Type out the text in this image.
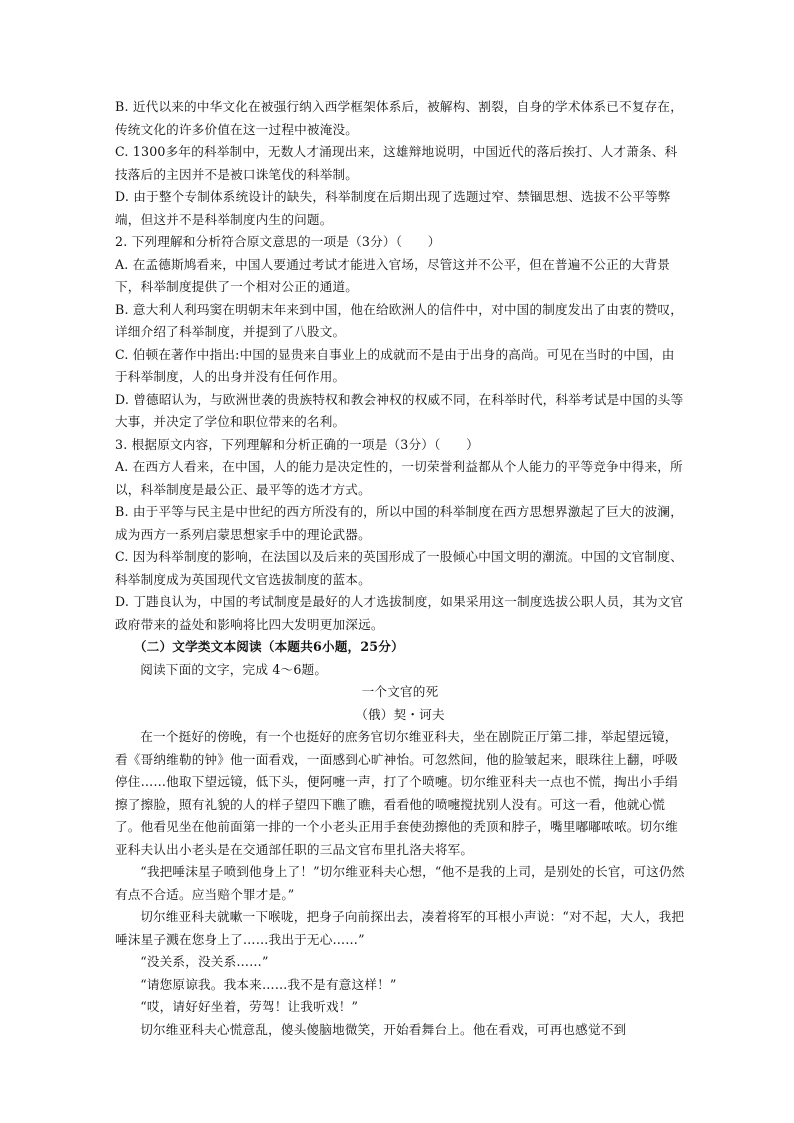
B. 近代以来的中华文化在被强行纳入西学框架体系后，被解构、割裂，自身的学术体系已不复存在，传统文化的许多价值在这一过程中被淹没。

C. 1300多年的科举制中，无数人才涌现出来，这雄辩地说明，中国近代的落后挨打、人才萧条、科技落后的主因并不是被口诛笔伐的科举制。

D. 由于整个专制体系统设计的缺失，科举制度在后期出现了选题过窄、禁锢思想、选拔不公平等弊端，但这并不是科举制度内生的问题。

2. 下列理解和分析符合原文意思的一项是（3分）（　　）

A. 在孟德斯鸠看来，中国人要通过考试才能进入官场，尽管这并不公平，但在普遍不公正的大背景下，科举制度提供了一个相对公正的通道。

B. 意大利人利玛窦在明朝末年来到中国，他在给欧洲人的信件中，对中国的制度发出了由衷的赞叹，详细介绍了科举制度，并提到了八股文。

C. 伯顿在著作中指出:中国的显贵来自事业上的成就而不是由于出身的高尚。可见在当时的中国，由于科举制度，人的出身并没有任何作用。

D. 曾德昭认为，与欧洲世袭的贵族特权和教会神权的权威不同，在科举时代，科举考试是中国的头等大事，并决定了学位和职位带来的名利。

3. 根据原文内容，下列理解和分析正确的一项是（3分）（　　）

A. 在西方人看来，在中国，人的能力是决定性的，一切荣誉利益都从个人能力的平等竞争中得来，所以，科举制度是最公正、最平等的选才方式。

B. 由于平等与民主是中世纪的西方所没有的，所以中国的科举制度在西方思想界激起了巨大的波澜，成为西方一系列启蒙思想家手中的理论武器。

C. 因为科举制度的影响，在法国以及后来的英国形成了一股倾心中国文明的潮流。中国的文官制度、科举制度成为英国现代文官选拔制度的蓝本。

D. 丁韪良认为，中国的考试制度是最好的人才选拔制度，如果采用这一制度选拔公职人员，其为文官政府带来的益处和影响将比四大发明更加深远。

（二）文学类文本阅读（本题共6小题，25分）

阅读下面的文字，完成 4～6题。

一个文官的死

（俄）契・诃夫

在一个挺好的傍晚，有一个也挺好的庶务官切尔维亚科夫，坐在剧院正厅第二排，举起望远镜，看《哥纳维勒的钟》他一面看戏，一面感到心旷神怡。可忽然间，他的脸皱起来，眼珠往上翻，呼吸停住……他取下望远镜，低下头，便阿嚏一声，打了个喷嚏。切尔维亚科夫一点也不慌，掏出小手绢擦了擦脸，照有礼貌的人的样子望四下瞧了瞧，看看他的喷嚏搅扰别人没有。可这一看，他就心慌了。他看见坐在他前面第一排的一个小老头正用手套使劲擦他的秃顶和脖子，嘴里嘟嘟哝哝。切尔维亚科夫认出小老头是在交通部任职的三品文官布里扎洛夫将军。

“我把唾沫星子喷到他身上了！”切尔维亚科夫心想，“他不是我的上司，是别处的长官，可这仍然有点不合适。应当赔个罪才是。”

切尔维亚科夫就嗽一下喉咙，把身子向前探出去，凑着将军的耳根小声说：“对不起，大人，我把唾沫星子溅在您身上了……我出于无心……”

“没关系，没关系……”

“请您原谅我。我本来……我不是有意这样！”

“哎，请好好坐着，劳驾！让我听戏！”

切尔维亚科夫心慌意乱，傻头傻脑地微笑，开始看舞台上。他在看戏，可再也感觉不到
